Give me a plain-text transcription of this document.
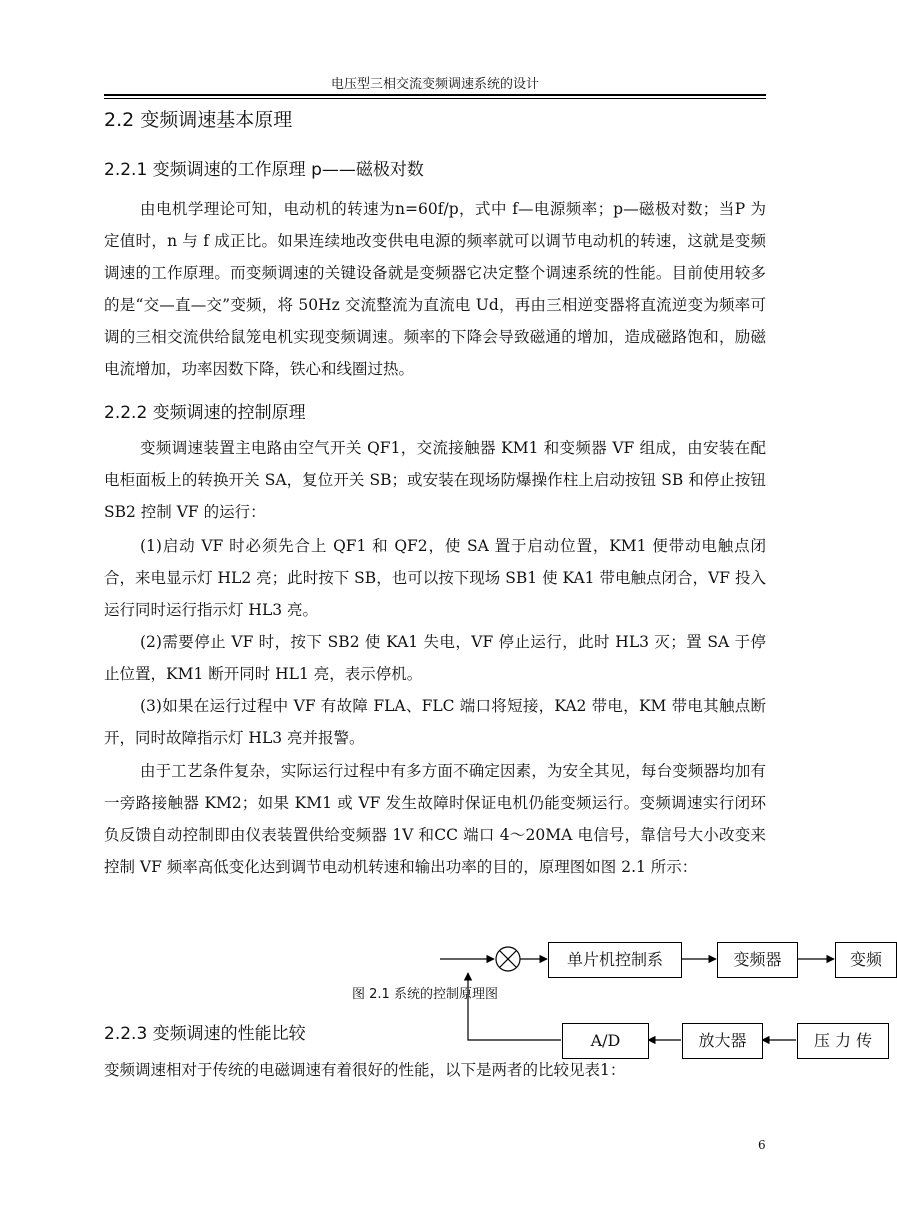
电压型三相交流变频调速系统的设计
2.2 变频调速基本原理
2.2.1 变频调速的工作原理 p——磁极对数

由电机学理论可知，电动机的转速为n=60f/p，式中 f—电源频率；p—磁极对数；当P 为定值时，n 与 f 成正比。如果连续地改变供电电源的频率就可以调节电动机的转速，这就是变频调速的工作原理。而变频调速的关键设备就是变频器它决定整个调速系统的性能。目前使用较多的是“交—直—交”变频，将 50Hz 交流整流为直流电 Ud，再由三相逆变器将直流逆变为频率可调的三相交流供给鼠笼电机实现变频调速。频率的下降会导致磁通的增加，造成磁路饱和，励磁电流增加，功率因数下降，铁心和线圈过热。

2.2.2 变频调速的控制原理

变频调速装置主电路由空气开关 QF1，交流接触器 KM1 和变频器 VF 组成，由安装在配电柜面板上的转换开关 SA，复位开关 SB；或安装在现场防爆操作柱上启动按钮 SB 和停止按钮 SB2 控制 VF 的运行：

(1)启动 VF 时必须先合上 QF1 和 QF2，使 SA 置于启动位置，KM1 便带动电触点闭合，来电显示灯 HL2 亮；此时按下 SB，也可以按下现场 SB1 使 KA1 带电触点闭合，VF 投入运行同时运行指示灯 HL3 亮。

(2)需要停止 VF 时，按下 SB2 使 KA1 失电，VF 停止运行，此时 HL3 灭；置 SA 于停止位置，KM1 断开同时 HL1 亮，表示停机。

(3)如果在运行过程中 VF 有故障 FLA、FLC 端口将短接，KA2 带电，KM 带电其触点断开，同时故障指示灯 HL3 亮并报警。

由于工艺条件复杂，实际运行过程中有多方面不确定因素，为安全其见，每台变频器均加有一旁路接触器 KM2；如果 KM1 或 VF 发生故障时保证电机仍能变频运行。变频调速实行闭环负反馈自动控制即由仪表装置供给变频器 1V 和CC 端口 4～20MA 电信号，靠信号大小改变来控制 VF 频率高低变化达到调节电动机转速和输出功率的目的，原理图如图 2.1 所示：

单片机控制系	变频器	变频
A/D	放大器	压 力 传
图 2.1 系统的控制原理图
2.2.3 变频调速的性能比较

变频调速相对于传统的电磁调速有着很好的性能，以下是两者的比较见表1：

6
